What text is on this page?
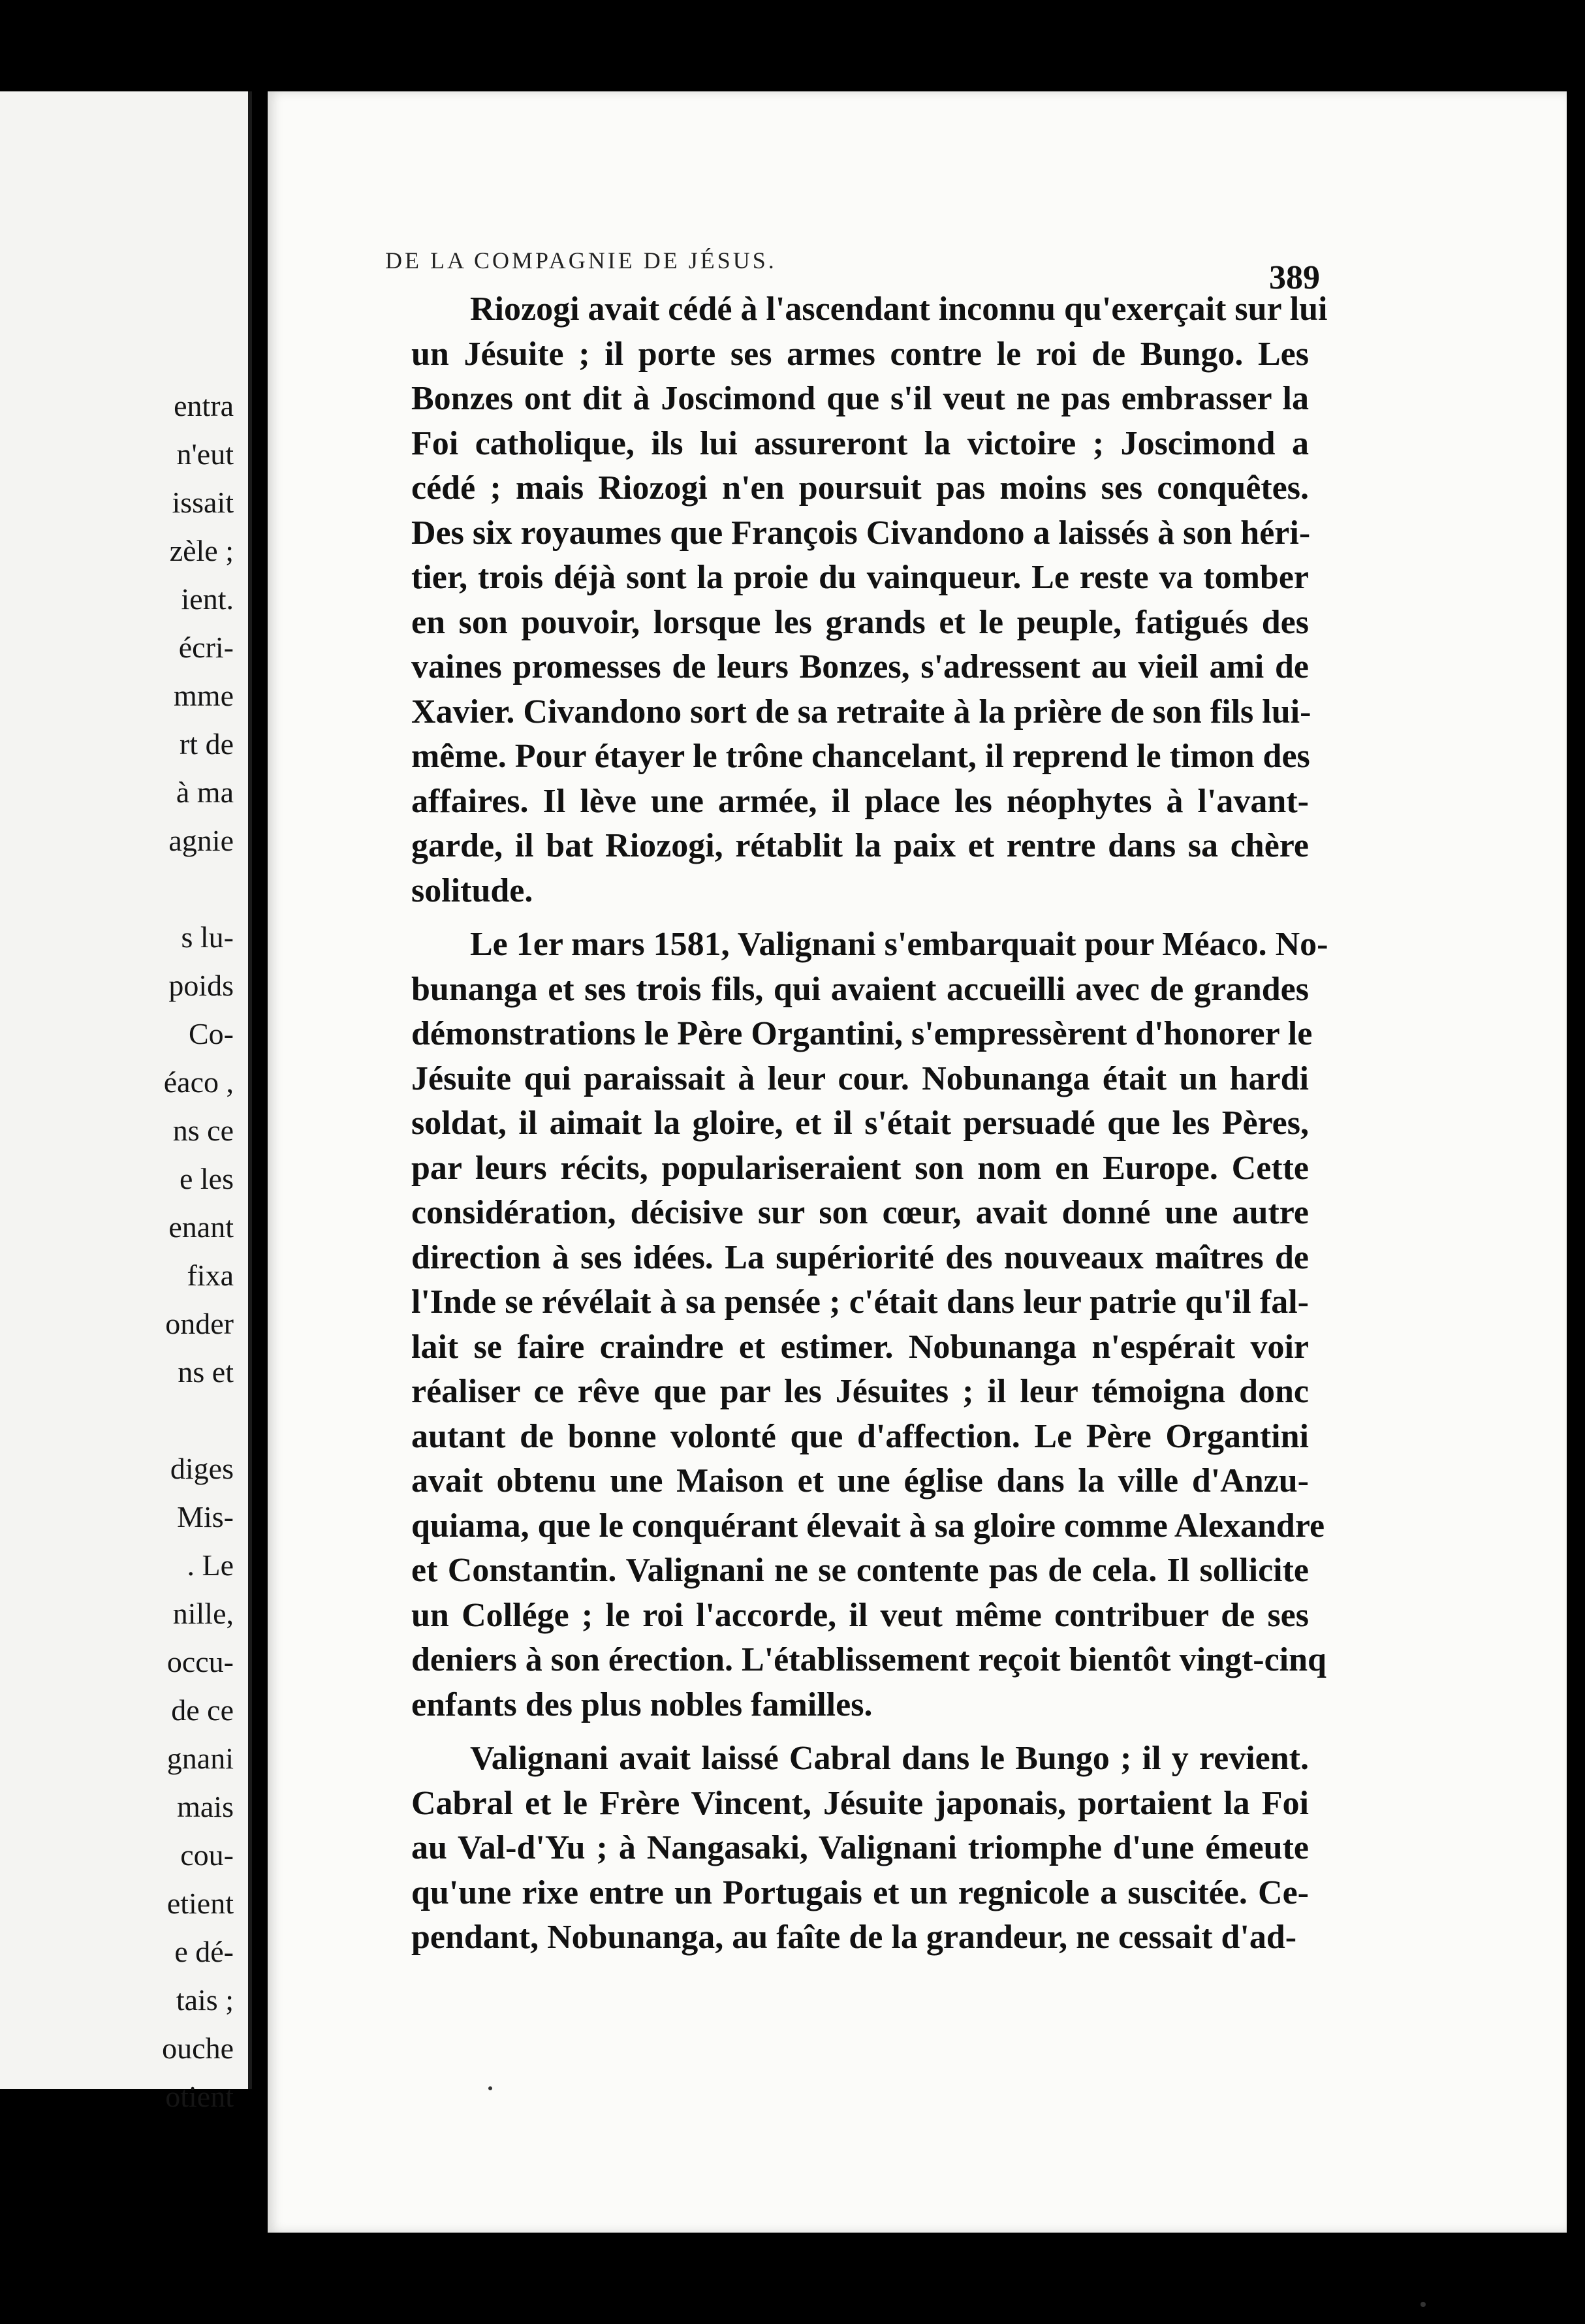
entra
n'eut
issait
zèle ;
ient.
écri-
mme
rt de
à ma
agnie
s lu-
poids
Co-
éaco ,
ns ce
e les
enant
fixa
onder
ns et
diges
Mis-
. Le
nille,
occu-
de ce
gnani
mais
cou-
etient
e dé-
tais ;
ouche
otient
DE LA COMPAGNIE DE JÉSUS.	389
Riozogi avait cédé à l'ascendant inconnu qu'exerçait sur lui
un Jésuite ; il porte ses armes contre le roi de Bungo. Les
Bonzes ont dit à Joscimond que s'il veut ne pas embrasser la
Foi catholique, ils lui assureront la victoire ; Joscimond a
cédé ; mais Riozogi n'en poursuit pas moins ses conquêtes.
Des six royaumes que François Civandono a laissés à son héri-
tier, trois déjà sont la proie du vainqueur. Le reste va tomber
en son pouvoir, lorsque les grands et le peuple, fatigués des
vaines promesses de leurs Bonzes, s'adressent au vieil ami de
Xavier. Civandono sort de sa retraite à la prière de son fils lui-
même. Pour étayer le trône chancelant, il reprend le timon des
affaires. Il lève une armée, il place les néophytes à l'avant-
garde, il bat Riozogi, rétablit la paix et rentre dans sa chère
solitude.
Le 1er mars 1581, Valignani s'embarquait pour Méaco. No-
bunanga et ses trois fils, qui avaient accueilli avec de grandes
démonstrations le Père Organtini, s'empressèrent d'honorer le
Jésuite qui paraissait à leur cour. Nobunanga était un hardi
soldat, il aimait la gloire, et il s'était persuadé que les Pères,
par leurs récits, populariseraient son nom en Europe. Cette
considération, décisive sur son cœur, avait donné une autre
direction à ses idées. La supériorité des nouveaux maîtres de
l'Inde se révélait à sa pensée ; c'était dans leur patrie qu'il fal-
lait se faire craindre et estimer. Nobunanga n'espérait voir
réaliser ce rêve que par les Jésuites ; il leur témoigna donc
autant de bonne volonté que d'affection. Le Père Organtini
avait obtenu une Maison et une église dans la ville d'Anzu-
quiama, que le conquérant élevait à sa gloire comme Alexandre
et Constantin. Valignani ne se contente pas de cela. Il sollicite
un Collége ; le roi l'accorde, il veut même contribuer de ses
deniers à son érection. L'établissement reçoit bientôt vingt-cinq
enfants des plus nobles familles.
Valignani avait laissé Cabral dans le Bungo ; il y revient.
Cabral et le Frère Vincent, Jésuite japonais, portaient la Foi
au Val-d'Yu ; à Nangasaki, Valignani triomphe d'une émeute
qu'une rixe entre un Portugais et un regnicole a suscitée. Ce-
pendant, Nobunanga, au faîte de la grandeur, ne cessait d'ad-
